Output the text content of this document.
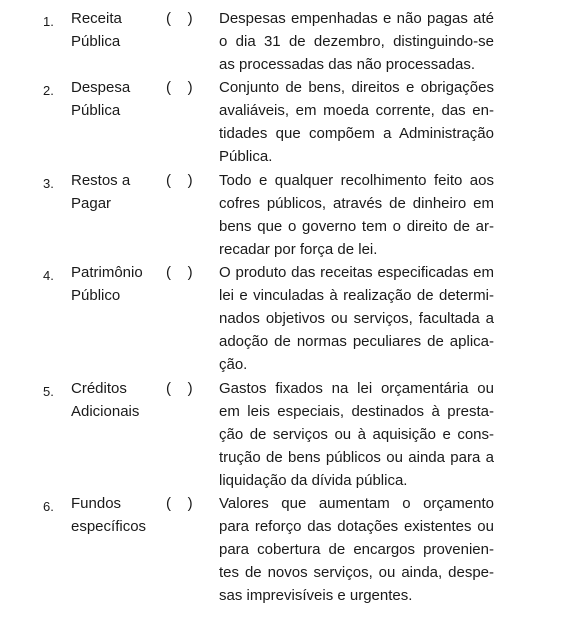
1. Receita
Pública
(    ) Despesas empenhadas e não pagas até
o dia 31 de dezembro, distinguindo-se
as processadas das não processadas.
2. Despesa
Pública
(    ) Conjunto de bens, direitos e obrigações
avaliáveis, em moeda corrente, das en-
tidades que compõem a Administração
Pública.
3. Restos a
Pagar
(    ) Todo e qualquer recolhimento feito aos
cofres públicos, através de dinheiro em
bens que o governo tem o direito de ar-
recadar por força de lei.
4. Patrimônio
Público
(    ) O produto das receitas especificadas em
lei e vinculadas à realização de determi-
nados objetivos ou serviços, facultada a
adoção de normas peculiares de aplica-
ção.
5. Créditos
Adicionais
(    ) Gastos fixados na lei orçamentária ou
em leis especiais, destinados à presta-
ção de serviços ou à aquisição e cons-
trução de bens públicos ou ainda para a
liquidação da dívida pública.
6. Fundos
específicos
(    ) Valores que aumentam o orçamento
para reforço das dotações existentes ou
para cobertura de encargos provenien-
tes de novos serviços, ou ainda, despe-
sas imprevisíveis e urgentes.
